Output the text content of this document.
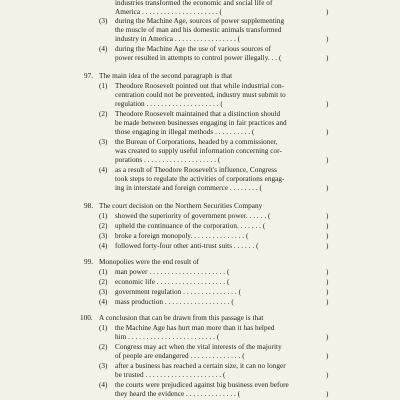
industries transformed the economic and social life of
America . . . . . . . . . . . . . . . . . . . . . (	)
(3) during the Machine Age, sources of power supplementing
the muscle of man and his domestic animals transformed
industry in America . . . . . . . . . . . . . . . . . (	)
(4) during the Machine Age the use of various sources of
power resulted in attempts to control power illegally. . . (	)
97. The main idea of the second paragraph is that
(1) Theodore Roosevelt pointed out that while industrial con-
centration could not be prevented, industry must submit to
regulation . . . . . . . . . . . . . . . . . . . . (	)
(2) Theodore Roosevelt maintained that a distinction should
be made between businesses engaging in fair practices and
those engaging in illegal methods . . . . . . . . . . (	)
(3) the Bureau of Corporations, headed by a commissioner,
was created to supply useful information concerning cor-
porations . . . . . . . . . . . . . . . . . . . . (	)
(4) as a result of Theodore Roosevelt's influence, Congress
took steps to regulate the activities of corporations engag-
ing in interstate and foreign commerce . . . . . . . . (	)
98. The court decision on the Northern Securities Company
(1) showed the superiority of government power. . . . . . (	)
(2) upheld the continuance of the corporation. . . . . . . (	)
(3) broke a foreign monopoly. . . . . . . . . . . . . . . (	)
(4) followed forty-four other anti-trust suits . . . . . . (	)
99. Monopolies were the end result of
(1) man power . . . . . . . . . . . . . . . . . . . . . (	)
(2) economic life . . . . . . . . . . . . . . . . . . . (	)
(3) government regulation . . . . . . . . . . . . . . . (	)
(4) mass production . . . . . . . . . . . . . . . . . . (	)
100. A conclusion that can be drawn from this passage is that
(1) the Machine Age has hurt man more than it has helped
him . . . . . . . . . . . . . . . . . . . . . . . . (	)
(2) Congress may act when the vital interests of the majority
of people are endangered . . . . . . . . . . . . . . (	)
(3) after a business has reached a certain size, it can no longer
be trusted . . . . . . . . . . . . . . . . . . . . . (	)
(4) the courts were prejudiced against big business even before
they heard the evidence . . . . . . . . . . . . . . (	)
